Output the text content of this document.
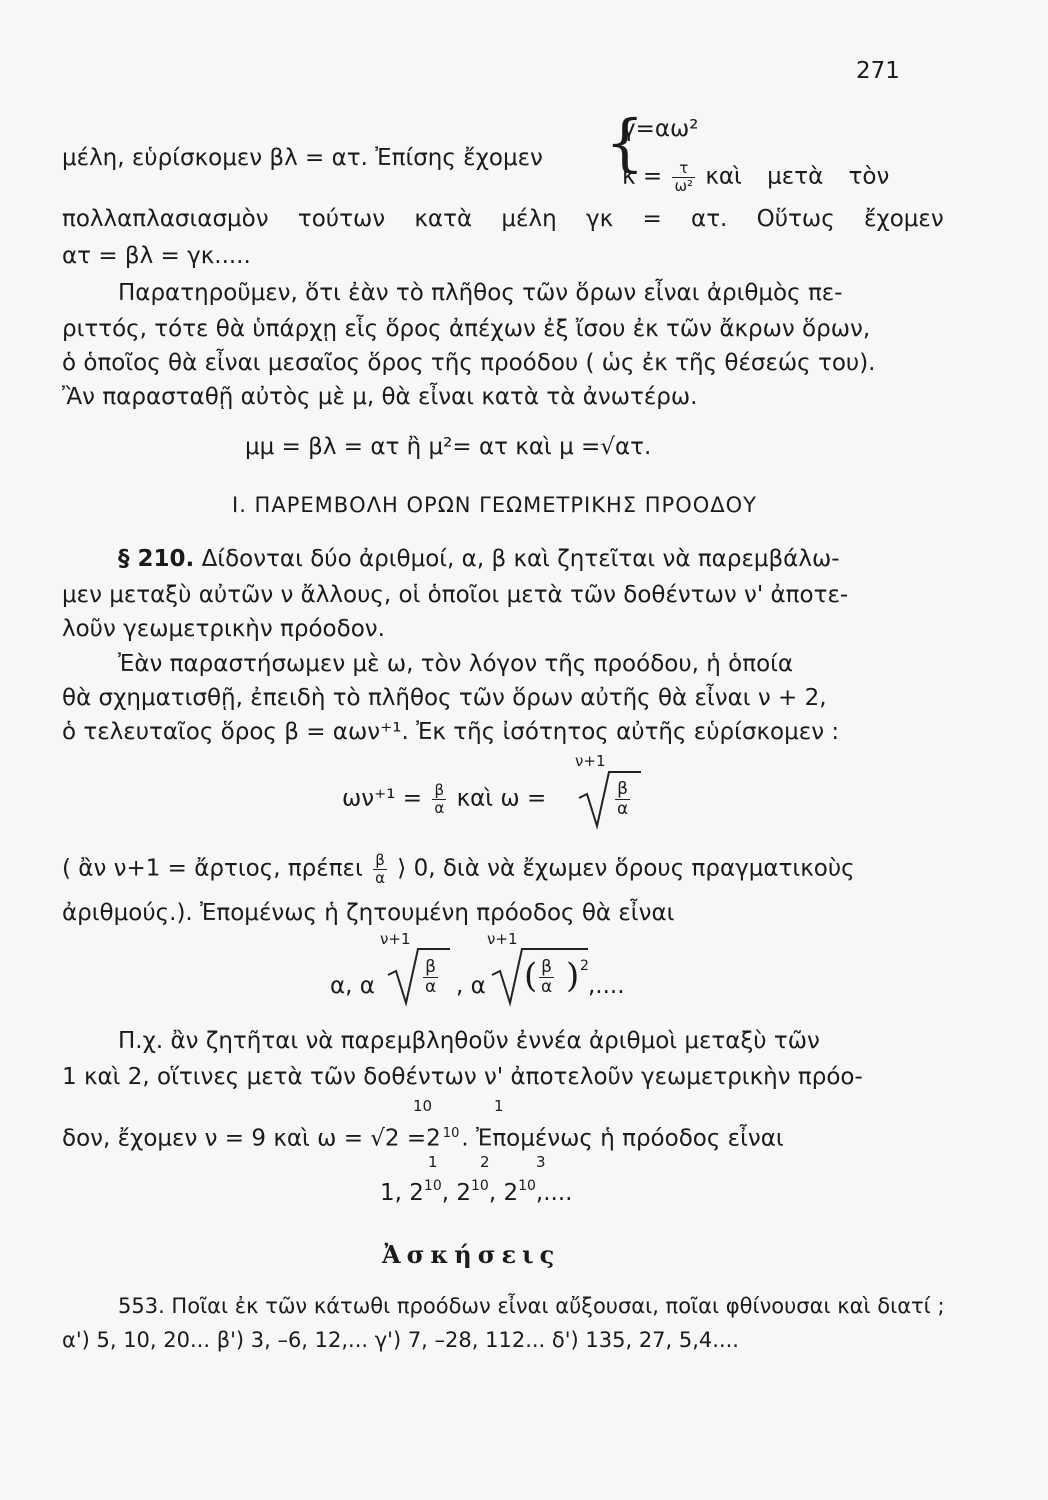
271
μέλη, εὑρίσκομεν βλ = ατ. Ἐπίσης ἔχομεν {
γ=αω²
$\kappa = \frac{\tau}{\text{ω²}}$ καὶ μετὰ τὸν
πολλαπλασιασμὸν τούτων κατὰ μέλη γκ = ατ. Οὕτως ἔχομεν
ατ = βλ = γκ.....
Παρατηροῦμεν, ὅτι ἐὰν τὸ πλῆθος τῶν ὅρων εἶναι ἀριθμὸς πε-
ριττός, τότε θὰ ὑπάρχῃ εἷς ὅρος ἀπέχων ἐξ ἴσου ἐκ τῶν ἄκρων ὅρων,
ὁ ὁποῖος θὰ εἶναι μεσαῖος ὅρος τῆς προόδου ( ὡς ἐκ τῆς θέσεώς του).
Ἂν παρασταθῇ αὐτὸς μὲ μ, θὰ εἶναι κατὰ τὰ ἀνωτέρω.
μμ = βλ = ατ ἢ μ²= ατ καὶ μ =√ατ.
Ι. ΠΑΡΕΜΒΟΛΗ ΟΡΩΝ ΓΕΩΜΕΤΡΙΚΗΣ ΠΡΟΟΔΟΥ
§ 210. Δίδονται δύο ἀριθμοί, α, β καὶ ζητεῖται νὰ παρεμβάλω-
μεν μεταξὺ αὐτῶν ν ἄλλους, οἱ ὁποῖοι μετὰ τῶν δοθέντων ν' ἀποτε-
λοῦν γεωμετρικὴν πρόοδον.
Ἐὰν παραστήσωμεν μὲ ω, τὸν λόγον τῆς προόδου, ἡ ὁποία
θὰ σχηματισθῇ, ἐπειδὴ τὸ πλῆθος τῶν ὅρων αὐτῆς θὰ εἶναι ν + 2,
ὁ τελευταῖος ὅρος β = αων⁺¹. Ἐκ τῆς ἰσότητος αὐτῆς εὑρίσκομεν :
$\omega\nu^{+1} = \frac{\beta}{\alpha}$ καὶ ω =
ν+1
$\frac{\beta}{\alpha}$
( ἂν ν+1 = ἄρτιος, πρέπει $\frac{\beta}{\alpha}$ ⟩ 0, διὰ νὰ ἔχωμεν ὅρους πραγματικοὺς
ἀριθμούς.). Ἐπομένως ἡ ζητουμένη πρόοδος θὰ εἶναι
ν+1	ν+1
α, α	$\frac{\beta}{\alpha}$ , α ( $\frac{\beta}{\alpha}$ ) 2
,....
Π.χ. ἂν ζητῆται νὰ παρεμβληθοῦν ἐννέα ἀριθμοὶ μεταξὺ τῶν
1 καὶ 2, οἵτινες μετὰ τῶν δοθέντων ν' ἀποτελοῦν γεωμετρικὴν πρόο-
10	1
δον, ἔχομεν ν = 9 καὶ ω = √2 =2 10 . Ἐπομένως ἡ πρόοδος εἶναι
1	2	3
1, $2^{10}$, $2^{10}$, $2^{10}$,....
Ἀσκήσεις
553. Ποῖαι ἐκ τῶν κάτωθι προόδων εἶναι αὔξουσαι, ποῖαι φθίνουσαι καὶ διατί ;
α') 5, 10, 20... β') 3, –6, 12,... γ') 7, –28, 112... δ') 135, 27, 5,4....
